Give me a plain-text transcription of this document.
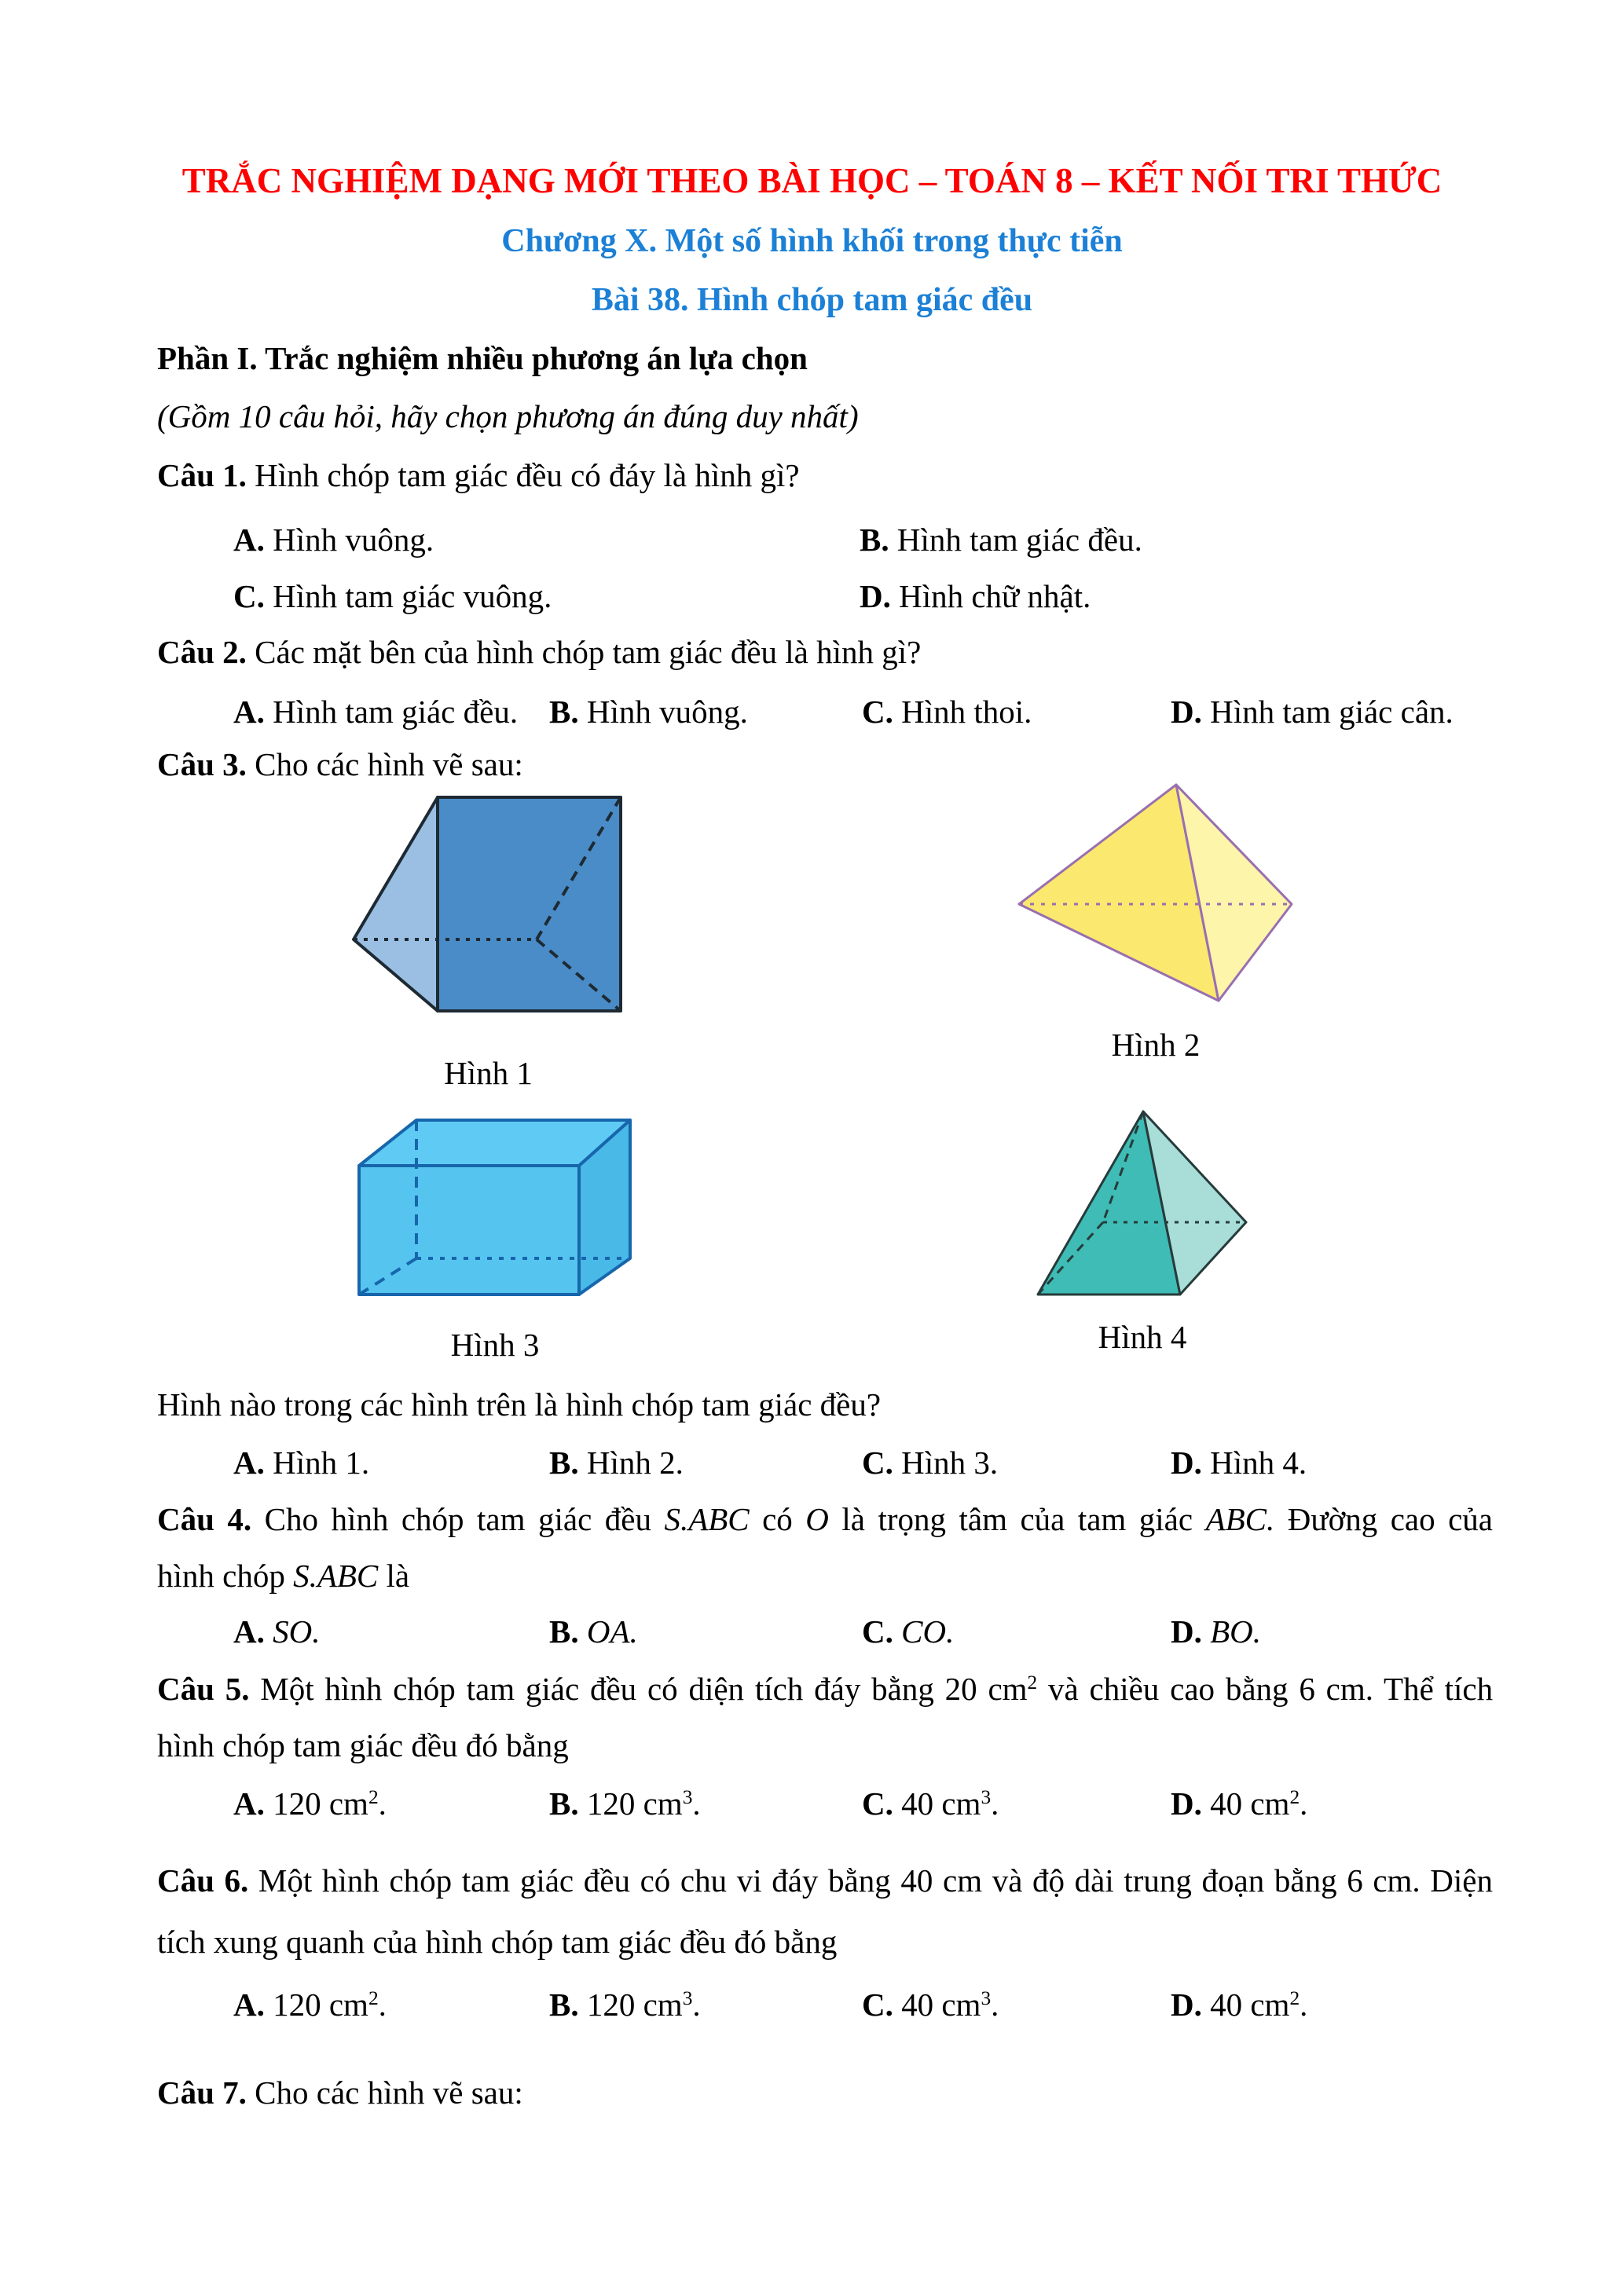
TRẮC NGHIỆM DẠNG MỚI THEO BÀI HỌC – TOÁN 8 – KẾT NỐI TRI THỨC
Chương X. Một số hình khối trong thực tiễn
Bài 38. Hình chóp tam giác đều
Phần I. Trắc nghiệm nhiều phương án lựa chọn
(Gồm 10 câu hỏi, hãy chọn phương án đúng duy nhất)
Câu 1. Hình chóp tam giác đều có đáy là hình gì?
A. Hình vuông.	B. Hình tam giác đều.
C. Hình tam giác vuông.	D. Hình chữ nhật.
Câu 2. Các mặt bên của hình chóp tam giác đều là hình gì?
A. Hình tam giác đều. B. Hình vuông.	C. Hình thoi.	D. Hình tam giác cân.
Câu 3. Cho các hình vẽ sau:
Hình 1
Hình 2
Hình 3	Hình 4
Hình nào trong các hình trên là hình chóp tam giác đều?
A. Hình 1.	B. Hình 2.	C. Hình 3.	D. Hình 4.
Câu 4. Cho hình chóp tam giác đều S.ABC có O là trọng tâm của tam giác ABC. Đường cao của
hình chóp S.ABC là
A. SO.	B. OA.	C. CO.	D. BO.
Câu 5. Một hình chóp tam giác đều có diện tích đáy bằng 20 $cm^2$ và chiều cao bằng 6 cm. Thể tích
hình chóp tam giác đều đó bằng
A. 120 $cm^2$.	B. 120 $cm^3$.	C. 40 $cm^3$.	D. 40 $cm^2$.
Câu 6. Một hình chóp tam giác đều có chu vi đáy bằng 40 cm và độ dài trung đoạn bằng 6 cm. Diện
tích xung quanh của hình chóp tam giác đều đó bằng
A. 120 $cm^2$.	B. 120 $cm^3$.	C. 40 $cm^3$.	D. 40 $cm^2$.
Câu 7. Cho các hình vẽ sau:
